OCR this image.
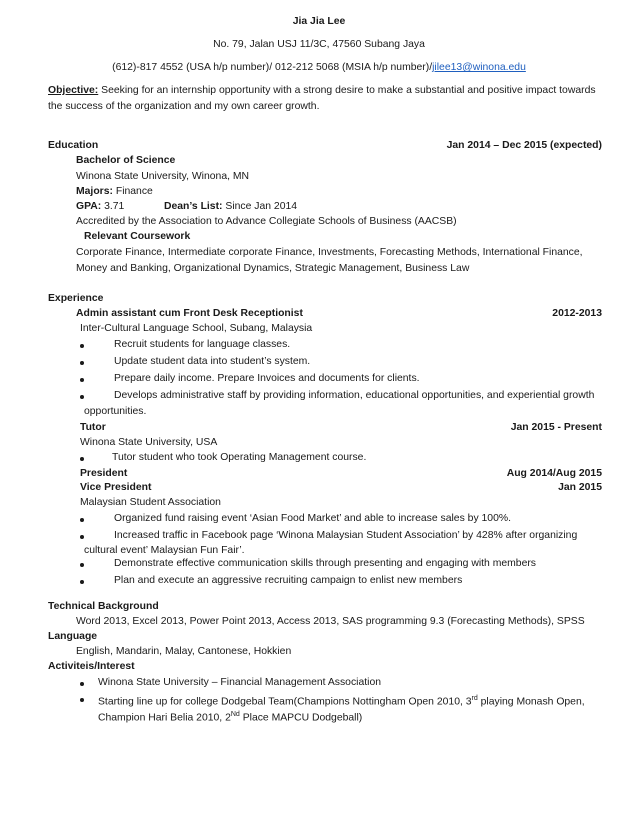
Jia Jia Lee
No. 79, Jalan USJ 11/3C, 47560 Subang Jaya
(612)-817 4552 (USA h/p number)/ 012-212 5068 (MSIA h/p number)/jilee13@winona.edu
Objective: Seeking for an internship opportunity with a strong desire to make a substantial and positive impact towards
the success of the organization and my own career growth.
Education	Jan 2014 – Dec 2015 (expected)
Bachelor of Science
Winona State University, Winona, MN
Majors: Finance
GPA: 3.71	Dean’s List: Since Jan 2014
Accredited by the Association to Advance Collegiate Schools of Business (AACSB)
Relevant Coursework
Corporate Finance, Intermediate corporate Finance, Investments, Forecasting Methods, International Finance,
Money and Banking, Organizational Dynamics, Strategic Management, Business Law
Experience
Admin assistant cum Front Desk Receptionist	2012-2013
Inter-Cultural Language School, Subang, Malaysia
Recruit students for language classes.
Update student data into student’s system.
Prepare daily income. Prepare Invoices and documents for clients.
Develops administrative staff by providing information, educational opportunities, and experiential growth
opportunities.
Tutor	Jan 2015 - Present
Winona State University, USA
Tutor student who took Operating Management course.
President	Aug 2014/Aug 2015
Vice President	Jan 2015
Malaysian Student Association
Organized fund raising event ‘Asian Food Market’ and able to increase sales by 100%.
Increased traffic in Facebook page ‘Winona Malaysian Student Association’ by 428% after organizing
cultural event’ Malaysian Fun Fair’.
Demonstrate effective communication skills through presenting and engaging with members
Plan and execute an aggressive recruiting campaign to enlist new members
Technical Background
Word 2013, Excel 2013, Power Point 2013, Access 2013, SAS programming 9.3 (Forecasting Methods), SPSS
Language
English, Mandarin, Malay, Cantonese, Hokkien
Activiteis/Interest
Winona State University – Financial Management Association
Starting line up for college Dodgebal Team(Champions Nottingham Open 2010, 3rd playing Monash Open,
Champion Hari Belia 2010, 2Nd Place MAPCU Dodgeball)
